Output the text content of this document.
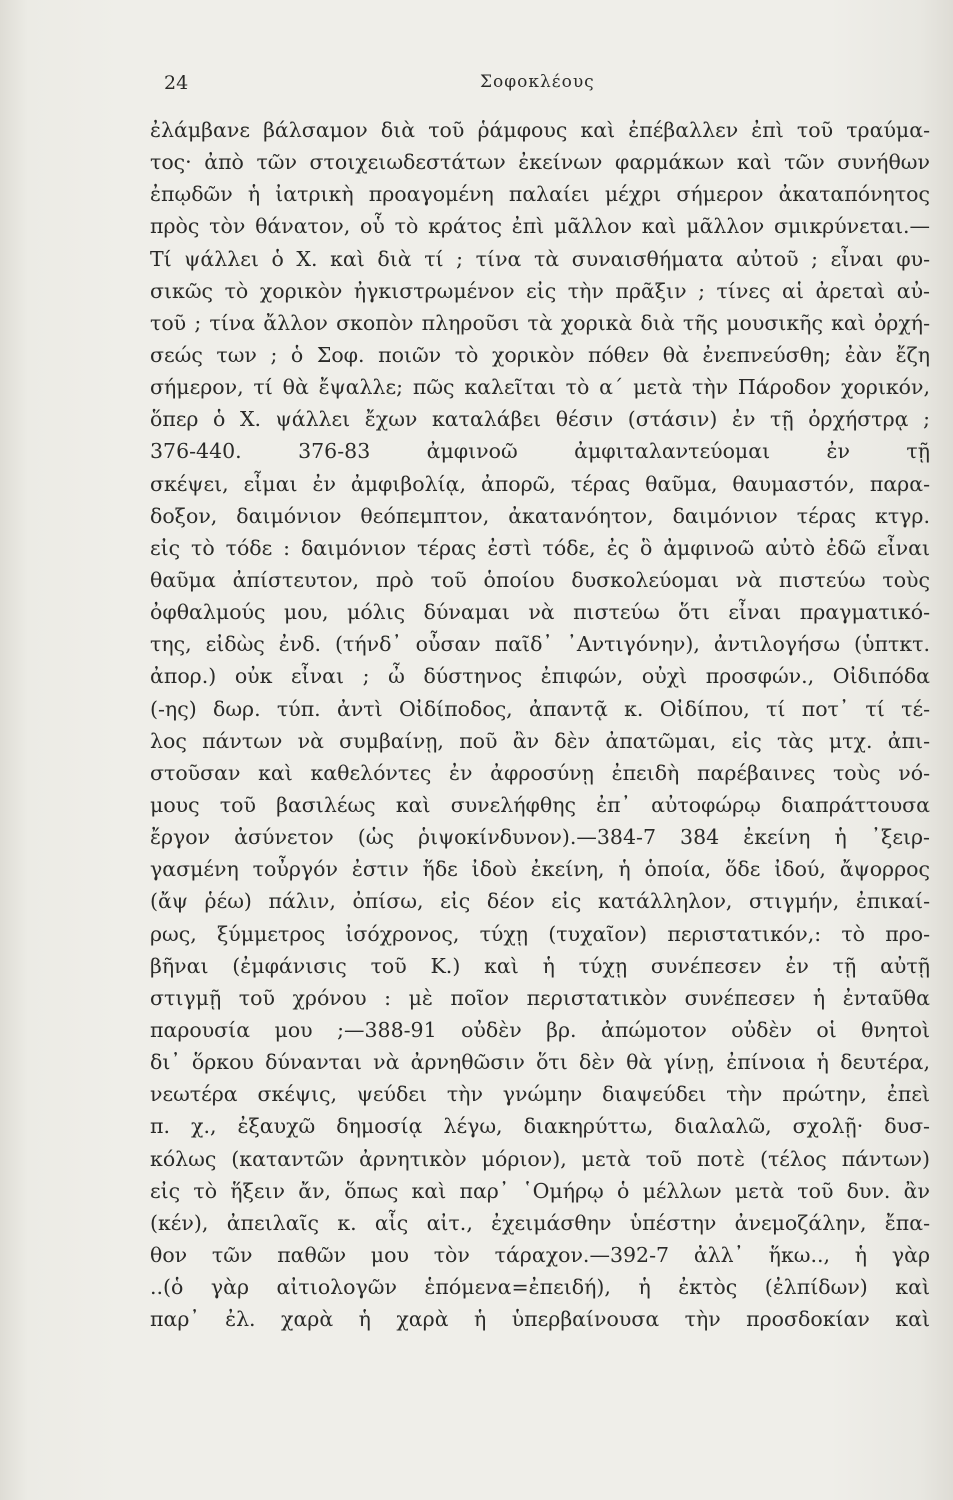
24	Σοφοκλέους
ἐλάμβανε βάλσαμον διὰ τοῦ ῥάμφους καὶ ἐπέβαλλεν ἐπὶ τοῦ τραύμα-
τος· ἀπὸ τῶν στοιχειωδεστάτων ἐκείνων φαρμάκων καὶ τῶν συνήθων
ἐπῳδῶν ἡ ἰατρικὴ προαγομένη παλαίει μέχρι σήμερον ἀκαταπόνητος
πρὸς τὸν θάνατον, οὗ τὸ κράτος ἐπὶ μᾶλλον καὶ μᾶλλον σμικρύνεται.—
Τί ψάλλει ὁ Χ. καὶ διὰ τί ; τίνα τὰ συναισθήματα αὐτοῦ ; εἶναι φυ-
σικῶς τὸ χορικὸν ἠγκιστρωμένον εἰς τὴν πρᾶξιν ; τίνες αἱ ἀρεταὶ αὐ-
τοῦ ; τίνα ἄλλον σκοπὸν πληροῦσι τὰ χορικὰ διὰ τῆς μουσικῆς καὶ ὀρχή-
σεώς των ; ὁ Σοφ. ποιῶν τὸ χορικὸν πόθεν θὰ ἐνεπνεύσθη; ἐὰν ἔζη
σήμερον, τί θὰ ἔψαλλε; πῶς καλεῖται τὸ α΄ μετὰ τὴν Πάροδον χορικόν,
ὅπερ ὁ Χ. ψάλλει ἔχων καταλάβει θέσιν (στάσιν) ἐν τῇ ὀρχήστρᾳ ;
376-440. 376-83 ἀμφινοῶ ἀμφιταλαντεύομαι ἐν τῇ
σκέψει, εἶμαι ἐν ἀμφιβολίᾳ, ἀπορῶ, τέρας θαῦμα, θαυμαστόν, παρα-
δοξον, δαιμόνιον θεόπεμπτον, ἀκατανόητον, δαιμόνιον τέρας κτγρ.
εἰς τὸ τόδε : δαιμόνιον τέρας ἐστὶ τόδε, ἐς ὃ ἀμφινοῶ αὐτὸ ἐδῶ εἶναι
θαῦμα ἀπίστευτον, πρὸ τοῦ ὁποίου δυσκολεύομαι νὰ πιστεύω τοὺς
ὀφθαλμούς μου, μόλις δύναμαι νὰ πιστεύω ὅτι εἶναι πραγματικό-
της, εἰδὼς ἐνδ. (τήνδ᾽ οὖσαν παῖδ᾽ ᾿Αντιγόνην), ἀντιλογήσω (ὑπτκτ.
ἀπορ.) οὐκ εἶναι ; ὦ δύστηνος ἐπιφών, οὐχὶ προσφών., Οἰδιπόδα
(-ης) δωρ. τύπ. ἀντὶ Οἰδίποδος, ἀπαντᾷ κ. Οἰδίπου, τί ποτ᾽ τί τέ-
λος πάντων νὰ συμβαίνῃ, ποῦ ἂν δὲν ἀπατῶμαι, εἰς τὰς μτχ. ἀπι-
στοῦσαν καὶ καθελόντες ἐν ἀφροσύνῃ ἐπειδὴ παρέβαινες τοὺς νό-
μους τοῦ βασιλέως καὶ συνελήφθης ἐπ᾽ αὐτοφώρῳ διαπράττουσα
ἔργον ἀσύνετον (ὡς ῥιψοκίνδυνον).—384-7 384 ἐκείνη ἡ ᾿ξειρ-
γασμένη τοὖργόν ἐστιν ἥδε ἰδοὺ ἐκείνη, ἡ ὁποία, ὅδε ἰδού, ἄψορρος
(ἄψ ῥέω) πάλιν, ὀπίσω, εἰς δέον εἰς κατάλληλον, στιγμήν, ἐπικαί-
ρως, ξύμμετρος ἰσόχρονος, τύχῃ (τυχαῖον) περιστατικόν,: τὸ προ-
βῆναι (ἐμφάνισις τοῦ Κ.) καὶ ἡ τύχῃ συνέπεσεν ἐν τῇ αὐτῇ
στιγμῇ τοῦ χρόνου : μὲ ποῖον περιστατικὸν συνέπεσεν ἡ ἐνταῦθα
παρουσία μου ;—388-91 οὐδὲν βρ. ἀπώμοτον οὐδὲν οἱ θνητοὶ
δι᾽ ὅρκου δύνανται νὰ ἀρνηθῶσιν ὅτι δὲν θὰ γίνῃ, ἐπίνοια ἡ δευτέρα,
νεωτέρα σκέψις, ψεύδει τὴν γνώμην διαψεύδει τὴν πρώτην, ἐπεὶ
π. χ., ἐξαυχῶ δημοσίᾳ λέγω, διακηρύττω, διαλαλῶ, σχολῇ· δυσ-
κόλως (καταντῶν ἀρνητικὸν μόριον), μετὰ τοῦ ποτὲ (τέλος πάντων)
εἰς τὸ ἥξειν ἄν, ὅπως καὶ παρ᾽ ῾Ομήρῳ ὁ μέλλων μετὰ τοῦ δυν. ἂν
(κέν), ἀπειλαῖς κ. αἷς αἰτ., ἐχειμάσθην ὑπέστην ἀνεμοζάλην, ἔπα-
θον τῶν παθῶν μου τὸν τάραχον.—392-7 ἀλλ᾽ ἥκω.., ἡ γὰρ
..(ὁ γὰρ αἰτιολογῶν ἑπόμενα=ἐπειδή), ἡ ἐκτὸς (ἐλπίδων) καὶ
παρ᾽ ἐλ. χαρὰ ἡ χαρὰ ἡ ὑπερβαίνουσα τὴν προσδοκίαν καὶ
